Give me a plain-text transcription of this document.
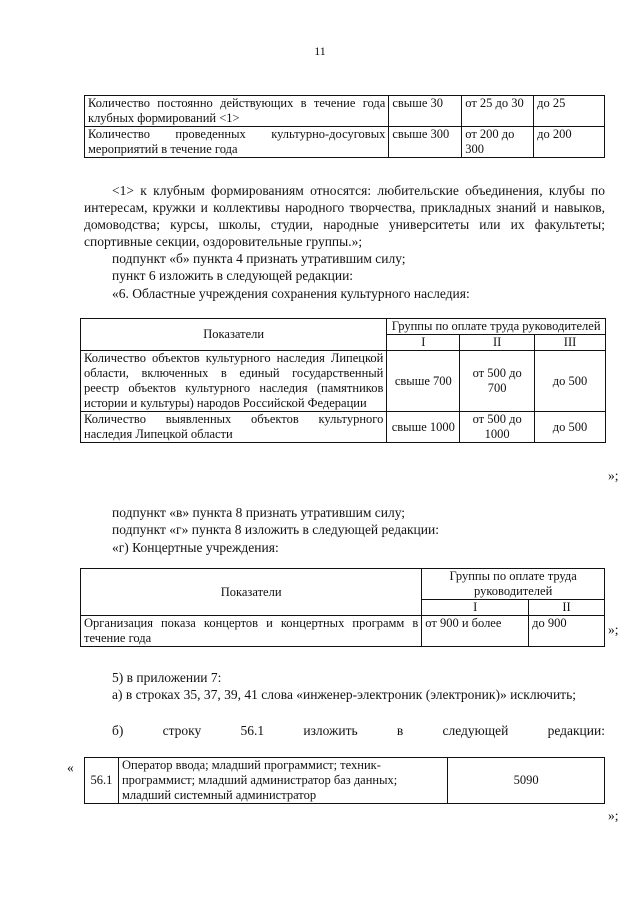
11
Количество постоянно действующих в течение года клубных формирований <1>	свыше 30	от 25 до 30	до 25
Количество проведенных культурно-досуговых мероприятий в течение года	свыше 300	от 200 до 300	до 200

<1> к клубным формированиям относятся: любительские объединения, клубы по интересам, кружки и коллективы народного творчества, прикладных знаний и навыков, домоводства; курсы, школы, студии, народные университеты или их факультеты; спортивные секции, оздоровительные группы.»;

подпункт «б» пункта 4 признать утратившим силу;

пункт 6 изложить в следующей редакции:

«6. Областные учреждения сохранения культурного наследия:

Показатели	Группы по оплате труда руководителей		
	I	II	III
Количество объектов культурного наследия Липецкой области, включенных в единый государственный реестр объектов культурного наследия (памятников истории и культуры) народов Российской Федерации	свыше 700	от 500 до 700	до 500
Количество выявленных объектов культурного наследия Липецкой области	свыше 1000	от 500 до 1000	до 500
»;

подпункт «в» пункта 8 признать утратившим силу;

подпункт «г» пункта 8 изложить в следующей редакции:

«г) Концертные учреждения:

Показатели	Группы по оплате труда руководителей	
	I	II
Организация показа концертов и концертных программ в течение года	от 900 и более	до 900	»;

5) в приложении 7:

а) в строках 35, 37, 39, 41 слова «инженер-электроник (электроник)» исключить;

б)	строку	56.1	изложить	в	следующей	редакции:
«
56.1	Оператор ввода; младший программист; техник-программист; младший администратор баз данных; младший системный администратор	5090
»;
